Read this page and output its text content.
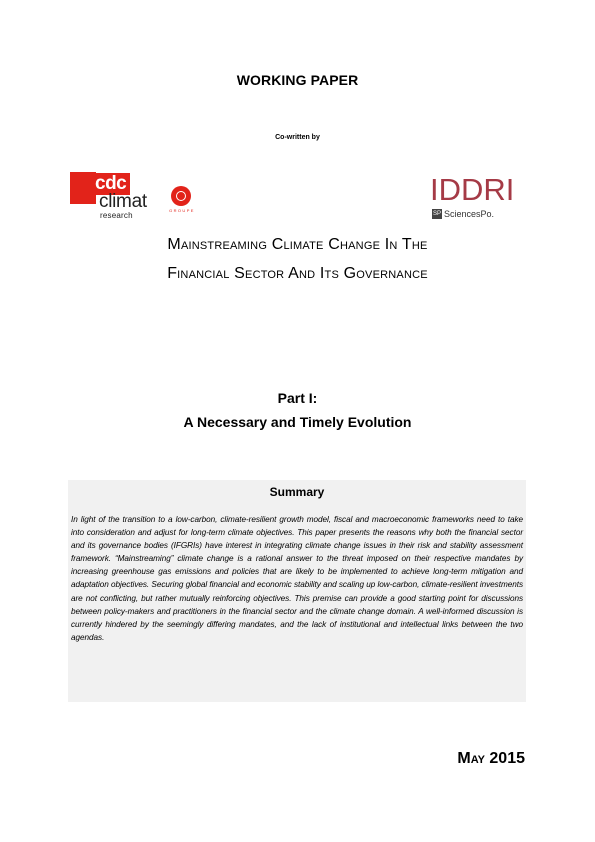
WORKING PAPER
Co-written by
cdc
climat
research
GROUPE
IDDRI
SP SciencesPo.
Mainstreaming Climate Change In The
Financial Sector And Its Governance
Part I:
A Necessary and Timely Evolution
Summary
In light of the transition to a low-carbon, climate-resilient growth model, fiscal and macroeconomic frameworks need to take into consideration and adjust for long-term climate objectives. This paper presents the reasons why both the financial sector and its governance bodies (IFGRIs) have interest in integrating climate change issues in their risk and stability assessment framework. “Mainstreaming” climate change is a rational answer to the threat imposed on their respective mandates by increasing greenhouse gas emissions and policies that are likely to be implemented to achieve long-term mitigation and adaptation objectives. Securing global financial and economic stability and scaling up low-carbon, climate-resilient investments are not conflicting, but rather mutually reinforcing objectives. This premise can provide a good starting point for discussions between policy-makers and practitioners in the financial sector and the climate change domain. A well-informed discussion is currently hindered by the seemingly differing mandates, and the lack of institutional and intellectual links between the two agendas.
May 2015
